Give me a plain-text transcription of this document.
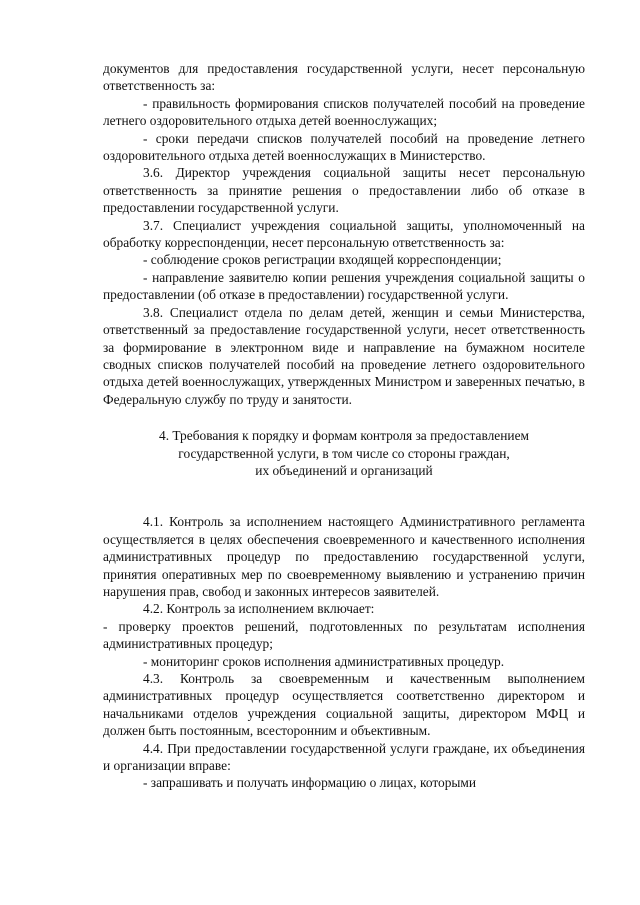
документов для предоставления государственной услуги, несет персональную ответственность за:

- правильность формирования списков получателей пособий на проведение летнего оздоровительного отдыха детей военнослужащих;

- сроки передачи списков получателей пособий на проведение летнего оздоровительного отдыха детей военнослужащих в Министерство.

3.6. Директор учреждения социальной защиты несет персональную ответственность за принятие решения о предоставлении либо об отказе в предоставлении государственной услуги.

3.7. Специалист учреждения социальной защиты, уполномоченный на обработку корреспонденции, несет персональную ответственность за:

- соблюдение сроков регистрации входящей корреспонденции;

- направление заявителю копии решения учреждения социальной защиты о предоставлении (об отказе в предоставлении) государственной услуги.

3.8. Специалист отдела по делам детей, женщин и семьи Министерства, ответственный за предоставление государственной услуги, несет ответственность за формирование в электронном виде и направление на бумажном носителе сводных списков получателей пособий на проведение летнего оздоровительного отдыха детей военнослужащих, утвержденных Министром и заверенных печатью, в Федеральную службу по труду и занятости.

4. Требования к порядку и формам контроля за предоставлением
государственной услуги, в том числе со стороны граждан,
их объединений и организаций

4.1. Контроль за исполнением настоящего Административного регламента осуществляется в целях обеспечения своевременного и качественного исполнения административных процедур по предоставлению государственной услуги, принятия оперативных мер по своевременному выявлению и устранению причин нарушения прав, свобод и законных интересов заявителей.

4.2. Контроль за исполнением включает:

- проверку проектов решений, подготовленных по результатам исполнения административных процедур;

- мониторинг сроков исполнения административных процедур.

4.3. Контроль за своевременным и качественным выполнением административных процедур осуществляется соответственно директором и начальниками отделов учреждения социальной защиты, директором МФЦ и должен быть постоянным, всесторонним и объективным.

4.4. При предоставлении государственной услуги граждане, их объединения и организации вправе:

- запрашивать и получать информацию о лицах, которыми
